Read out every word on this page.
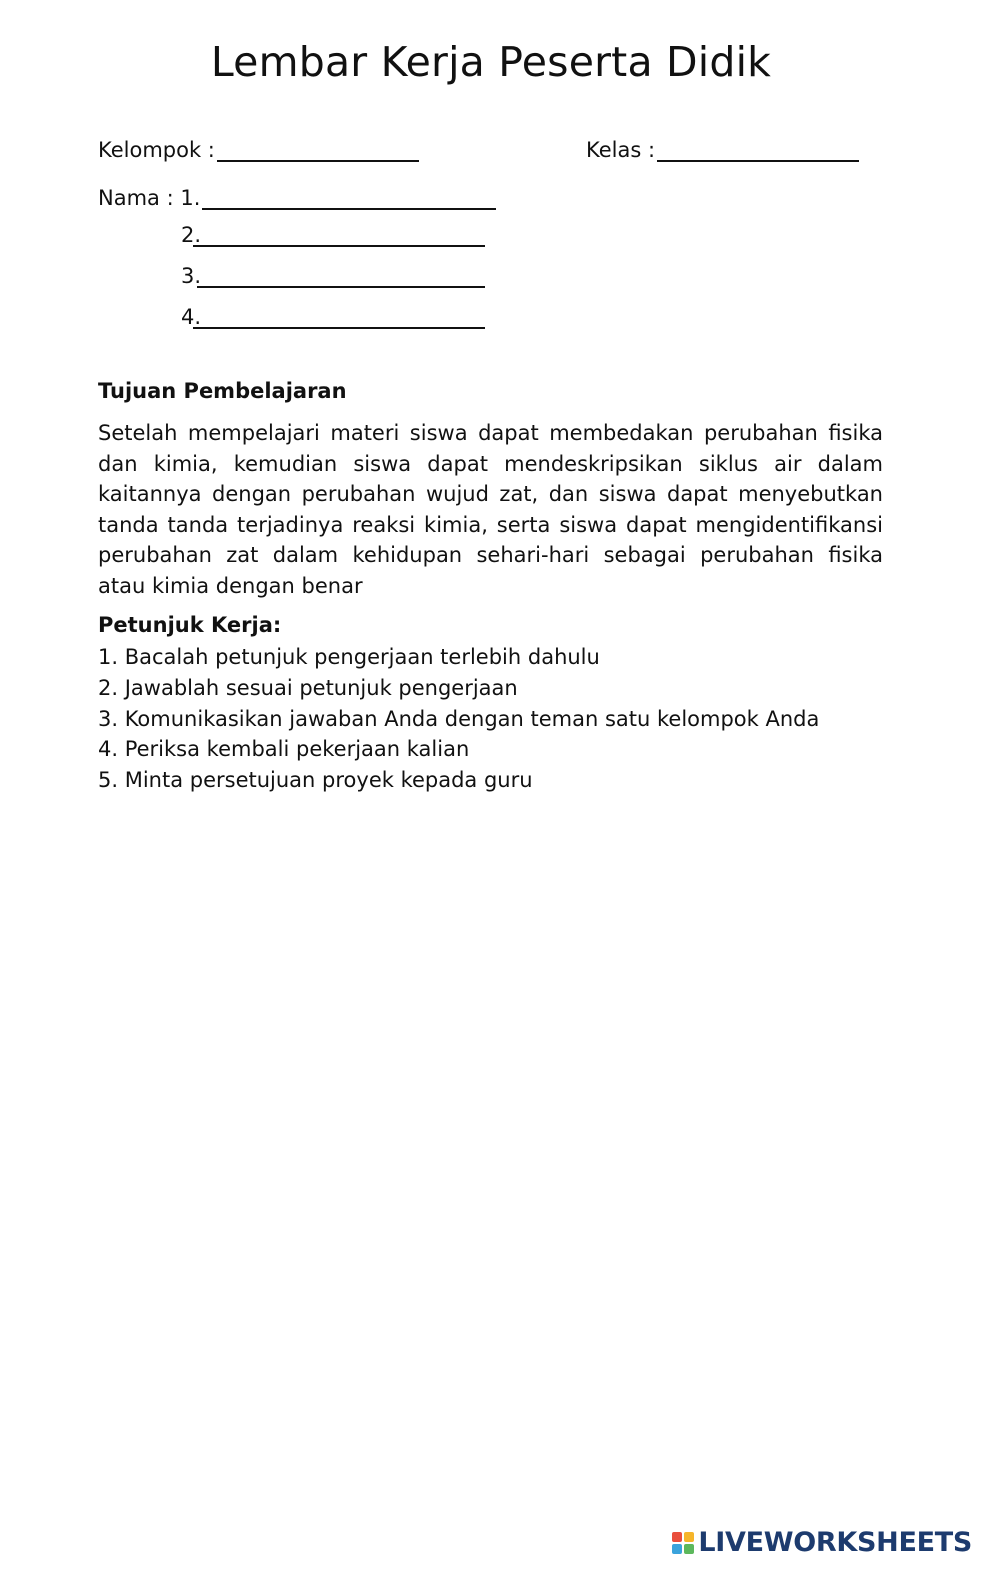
Lembar Kerja Peserta Didik
Kelompok :	Kelas :
Nama : 1.
2.
3.
4.
Tujuan Pembelajaran

Setelah mempelajari materi siswa dapat membedakan perubahan fisika dan kimia, kemudian siswa dapat mendeskripsikan siklus air dalam kaitannya dengan perubahan wujud zat, dan siswa dapat menyebutkan tanda tanda terjadinya reaksi kimia, serta siswa dapat mengidentifikansi perubahan zat dalam kehidupan sehari-hari sebagai perubahan fisika atau kimia dengan benar

Petunjuk Kerja:
1. Bacalah petunjuk pengerjaan terlebih dahulu
2. Jawablah sesuai petunjuk pengerjaan
3. Komunikasikan jawaban Anda dengan teman satu kelompok Anda
4. Periksa kembali pekerjaan kalian
5. Minta persetujuan proyek kepada guru
LIVEWORKSHEETS
